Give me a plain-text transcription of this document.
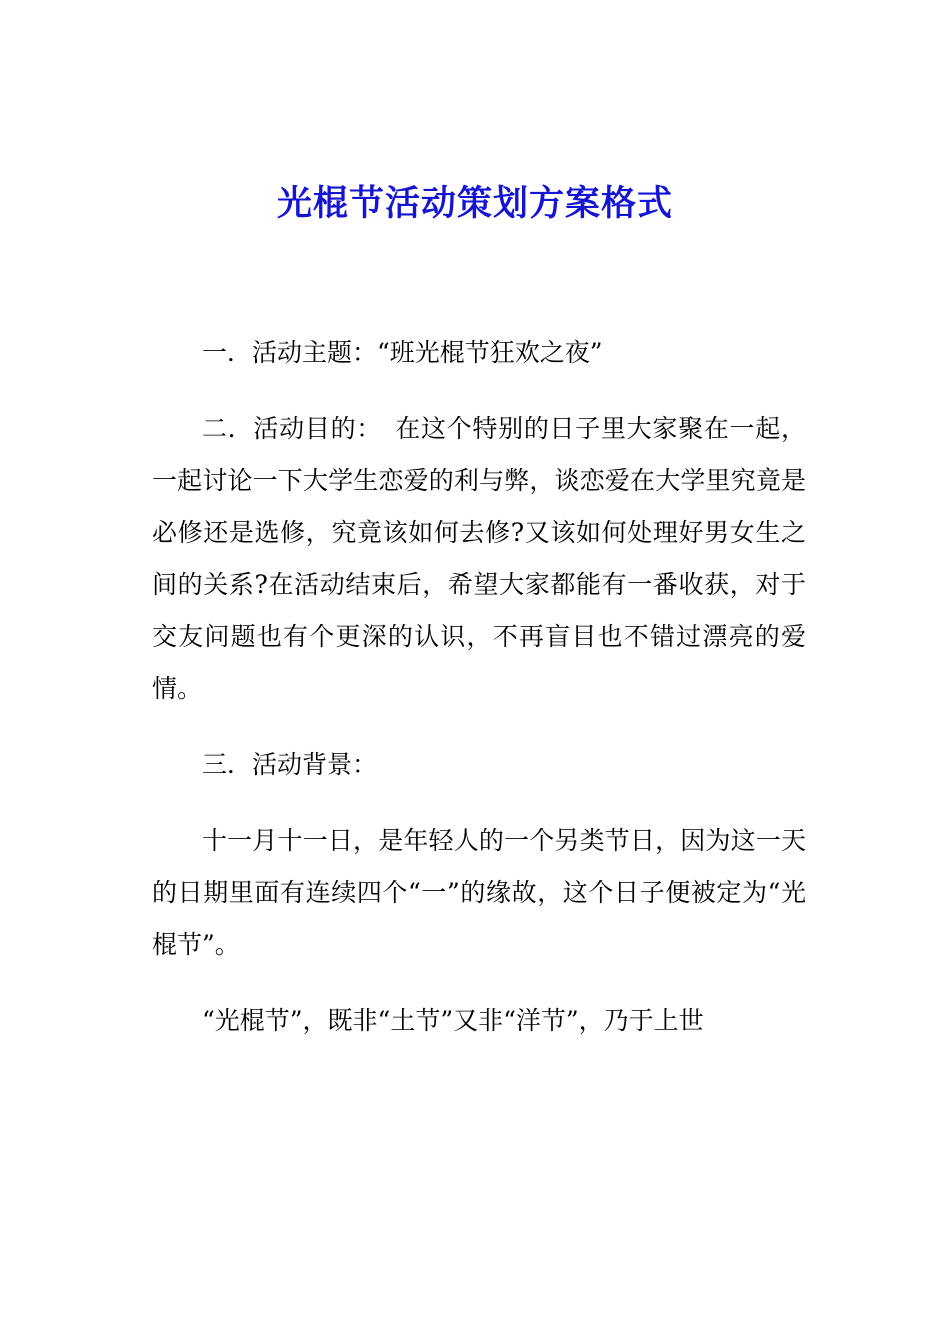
光棍节活动策划方案格式

一．活动主题：“班光棍节狂欢之夜”

二．活动目的：　在这个特别的日子里大家聚在一起，一起讨论一下大学生恋爱的利与弊，谈恋爱在大学里究竟是必修还是选修，究竟该如何去修?又该如何处理好男女生之间的关系?在活动结束后，希望大家都能有一番收获，对于交友问题也有个更深的认识，不再盲目也不错过漂亮的爱情。

三．活动背景：

十一月十一日，是年轻人的一个另类节日，因为这一天的日期里面有连续四个“一”的缘故，这个日子便被定为“光棍节”。

“光棍节”，既非“土节”又非“洋节”，乃于上世
